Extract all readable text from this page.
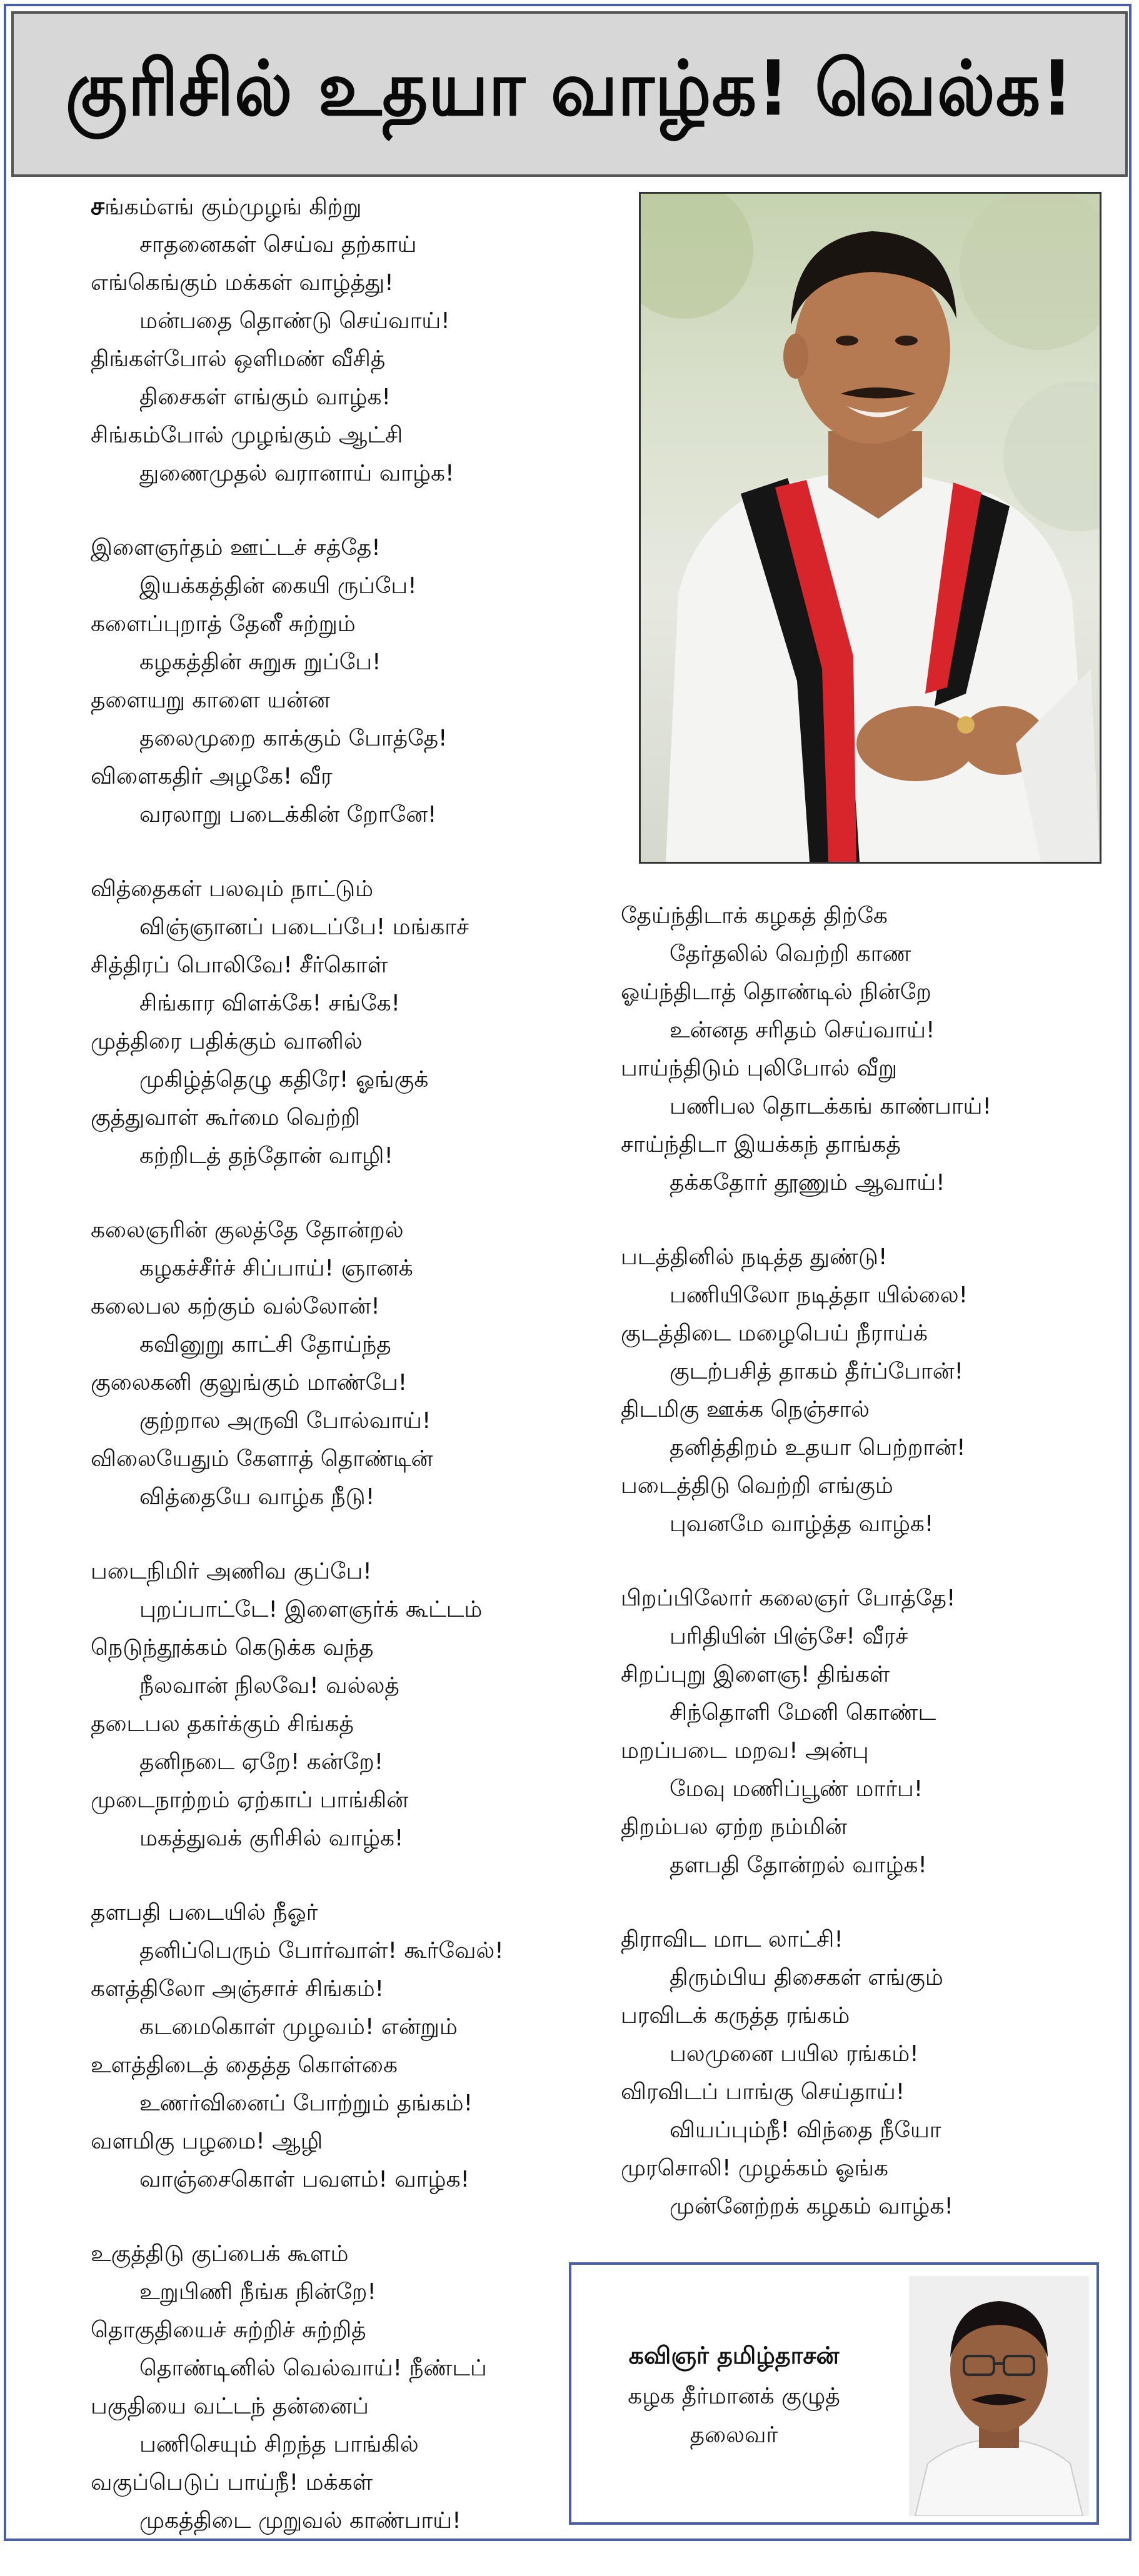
குரிசில் உதயா வாழ்க! வெல்க!
சங்கம்எங் கும்முழங் கிற்று
சாதனைகள் செய்வ தற்காய்
எங்கெங்கும் மக்கள் வாழ்த்து!
மன்பதை தொண்டு செய்வாய்!
திங்கள்போல் ஒளிமண் வீசித்
திசைகள் எங்கும் வாழ்க!
சிங்கம்போல் முழங்கும் ஆட்சி
துணைமுதல் வரானாய் வாழ்க!
இளைஞர்தம் ஊட்டச் சத்தே!
இயக்கத்தின் கையி ருப்பே!
களைப்புறாத் தேனீ சுற்றும்
கழகத்தின் சுறுசு றுப்பே!
தளையறு காளை யன்ன
தலைமுறை காக்கும் போத்தே!
விளைகதிர் அழகே! வீர
வரலாறு படைக்கின் றோனே!
வித்தைகள் பலவும் நாட்டும்
விஞ்ஞானப் படைப்பே! மங்காச்
சித்திரப் பொலிவே! சீர்கொள்
சிங்கார விளக்கே! சங்கே!
முத்திரை பதிக்கும் வானில்
முகிழ்த்தெழு கதிரே! ஓங்குக்
குத்துவாள் கூர்மை வெற்றி
கற்றிடத் தந்தோன் வாழி!
கலைஞரின் குலத்தே தோன்றல்
கழகச்சீர்ச் சிப்பாய்! ஞானக்
கலைபல கற்கும் வல்லோன்!
கவினுறு காட்சி தோய்ந்த
குலைகனி குலுங்கும் மாண்பே!
குற்றால அருவி போல்வாய்!
விலையேதும் கேளாத் தொண்டின்
வித்தையே வாழ்க நீடு!
படைநிமிர் அணிவ குப்பே!
புறப்பாட்டே! இளைஞர்க் கூட்டம்
நெடுந்தூக்கம் கெடுக்க வந்த
நீலவான் நிலவே! வல்லத்
தடைபல தகர்க்கும் சிங்கத்
தனிநடை ஏறே! கன்றே!
முடைநாற்றம் ஏற்காப் பாங்கின்
மகத்துவக் குரிசில் வாழ்க!
தளபதி படையில் நீஓர்
தனிப்பெரும் போர்வாள்! கூர்வேல்!
களத்திலோ அஞ்சாச் சிங்கம்!
கடமைகொள் முழவம்! என்றும்
உளத்திடைத் தைத்த கொள்கை
உணர்வினைப் போற்றும் தங்கம்!
வளமிகு பழமை! ஆழி
வாஞ்சைகொள் பவளம்! வாழ்க!
உகுத்திடு குப்பைக் கூளம்
உறுபிணி நீங்க நின்றே!
தொகுதியைச் சுற்றிச் சுற்றித்
தொண்டினில் வெல்வாய்! நீண்டப்
பகுதியை வட்டந் தன்னைப்
பணிசெயும் சிறந்த பாங்கில்
வகுப்பெடுப் பாய்நீ! மக்கள்
முகத்திடை முறுவல் காண்பாய்!
தேய்ந்திடாக் கழகத் திற்கே
தேர்தலில் வெற்றி காண
ஓய்ந்திடாத் தொண்டில் நின்றே
உன்னத சரிதம் செய்வாய்!
பாய்ந்திடும் புலிபோல் வீறு
பணிபல தொடக்கங் காண்பாய்!
சாய்ந்திடா இயக்கந் தாங்கத்
தக்கதோர் தூணும் ஆவாய்!
படத்தினில் நடித்த துண்டு!
பணியிலோ நடித்தா யில்லை!
குடத்திடை மழைபெய் நீராய்க்
குடற்பசித் தாகம் தீர்ப்போன்!
திடமிகு ஊக்க நெஞ்சால்
தனித்திறம் உதயா பெற்றான்!
படைத்திடு வெற்றி எங்கும்
புவனமே வாழ்த்த வாழ்க!
பிறப்பிலோர் கலைஞர் போத்தே!
பரிதியின் பிஞ்சே! வீரச்
சிறப்புறு இளைஞ! திங்கள்
சிந்தொளி மேனி கொண்ட
மறப்படை மறவ! அன்பு
மேவு மணிப்பூண் மார்ப!
திறம்பல ஏற்ற நம்மின்
தளபதி தோன்றல் வாழ்க!
திராவிட மாட லாட்சி!
திரும்பிய திசைகள் எங்கும்
பரவிடக் கருத்த ரங்கம்
பலமுனை பயில ரங்கம்!
விரவிடப் பாங்கு செய்தாய்!
வியப்பும்நீ! விந்தை நீயோ
முரசொலி! முழக்கம் ஓங்க
முன்னேற்றக் கழகம் வாழ்க!
கவிஞர் தமிழ்தாசன்
கழக தீர்மானக் குழுத்
தலைவர்
